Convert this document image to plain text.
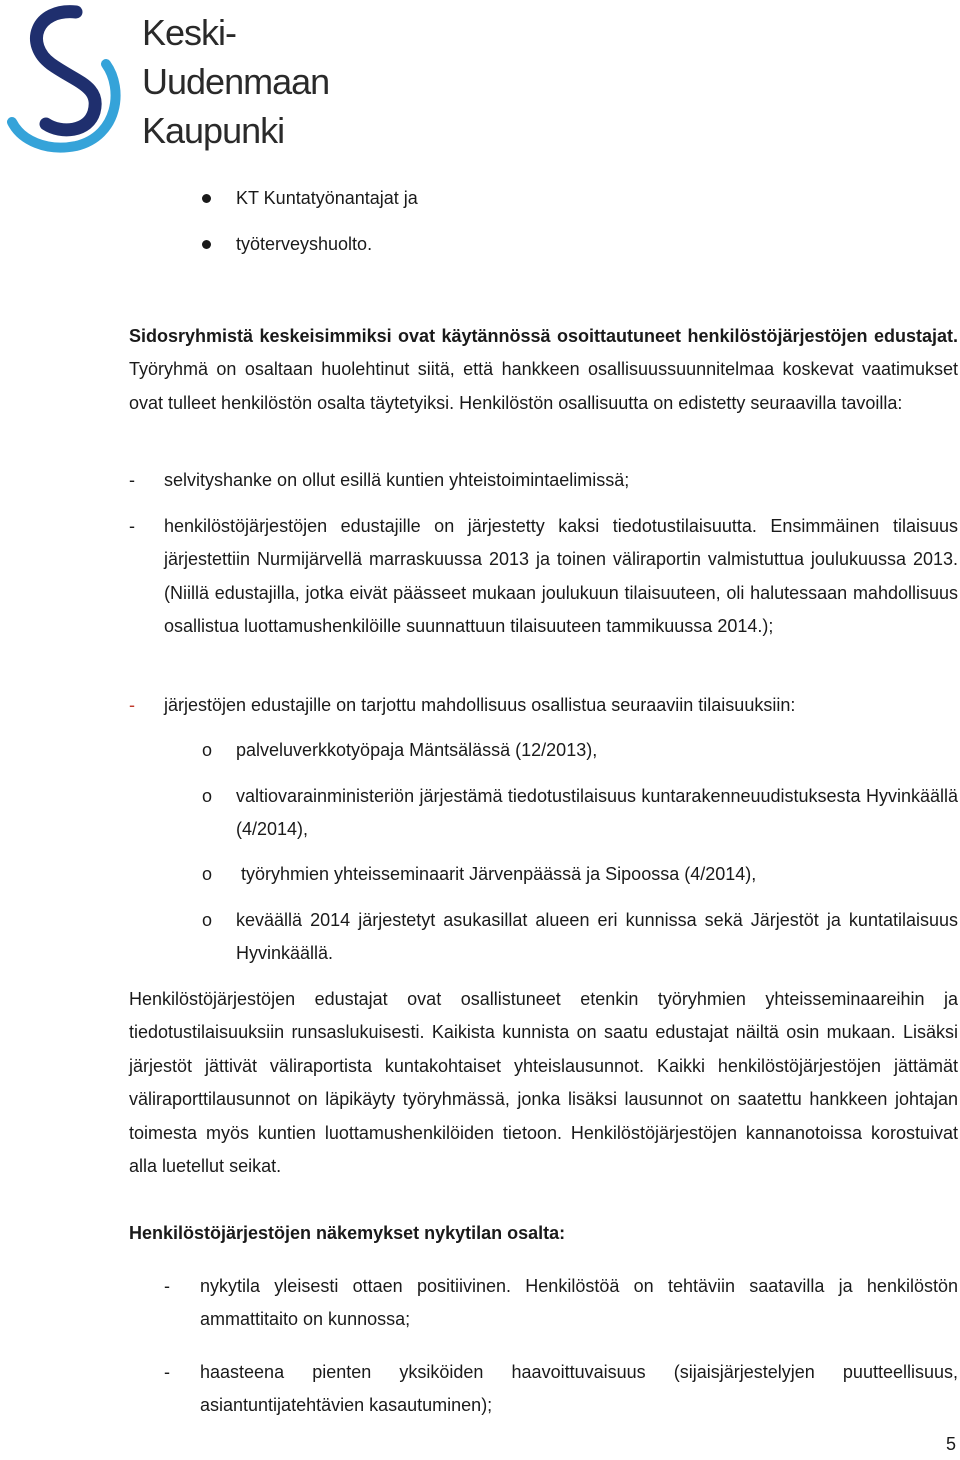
Keski-
Uudenmaan
Kaupunki
KT Kuntatyönantajat ja
työterveyshuolto.
Sidosryhmistä keskeisimmiksi ovat käytännössä osoittautuneet henkilöstöjärjestöjen edustajat. Työryhmä on osaltaan huolehtinut siitä, että hankkeen osallisuussuunnitelmaa koskevat vaatimukset ovat tulleet henkilöstön osalta täytetyiksi. Henkilöstön osallisuutta on edistetty seuraavilla tavoilla:
- selvityshanke on ollut esillä kuntien yhteistoimintaelimissä;
- henkilöstöjärjestöjen edustajille on järjestetty kaksi tiedotustilaisuutta. Ensimmäinen tilaisuus järjestettiin Nurmijärvellä marraskuussa 2013 ja toinen väliraportin valmistuttua joulukuussa 2013. (Niillä edustajilla, jotka eivät päässeet mukaan joulukuun tilaisuuteen, oli halutessaan mahdollisuus osallistua luottamushenkilöille suunnattuun tilaisuuteen tammikuussa 2014.);
- järjestöjen edustajille on tarjottu mahdollisuus osallistua seuraaviin tilaisuuksiin:
o palveluverkkotyöpaja Mäntsälässä (12/2013),
o valtiovarainministeriön järjestämä tiedotustilaisuus kuntarakenneuudistuksesta Hyvinkäällä (4/2014),
o työryhmien yhteisseminaarit Järvenpäässä ja Sipoossa (4/2014),
o keväällä 2014 järjestetyt asukasillat alueen eri kunnissa sekä Järjestöt ja kuntatilaisuus Hyvinkäällä.
Henkilöstöjärjestöjen edustajat ovat osallistuneet etenkin työryhmien yhteisseminaareihin ja tiedotustilaisuuksiin runsaslukuisesti. Kaikista kunnista on saatu edustajat näiltä osin mukaan. Lisäksi järjestöt jättivät väliraportista kuntakohtaiset yhteislausunnot. Kaikki henkilöstöjärjestöjen jättämät väliraporttilausunnot on läpikäyty työryhmässä, jonka lisäksi lausunnot on saatettu hankkeen johtajan toimesta myös kuntien luottamushenkilöiden tietoon. Henkilöstöjärjestöjen kannanotoissa korostuivat alla luetellut seikat.
Henkilöstöjärjestöjen näkemykset nykytilan osalta:
- nykytila yleisesti ottaen positiivinen. Henkilöstöä on tehtäviin saatavilla ja henkilöstön ammattitaito on kunnossa;
- haasteena pienten yksiköiden haavoittuvaisuus (sijaisjärjestelyjen puutteellisuus, asiantuntijatehtävien kasautuminen);
5
